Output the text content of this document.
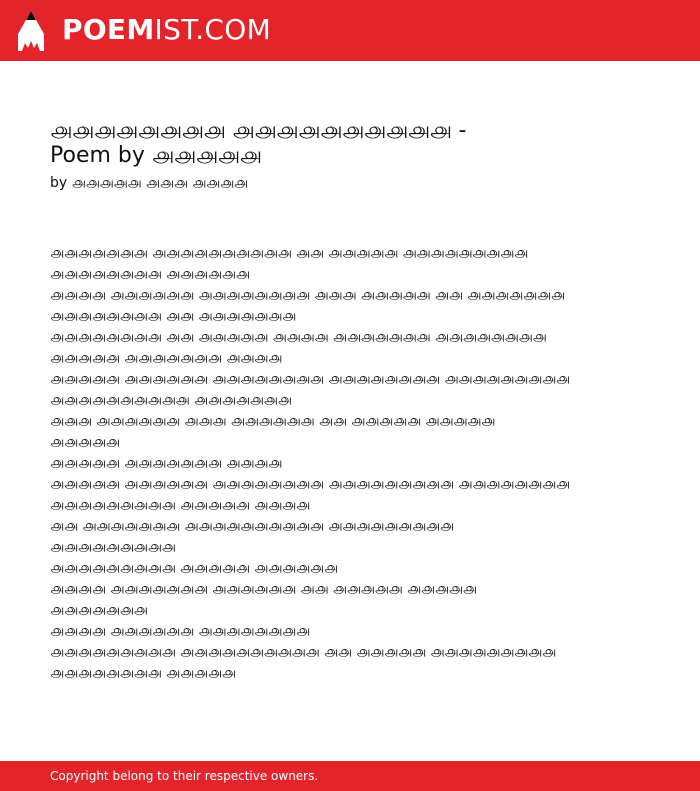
POEMIST.COM
௮௮௮௮௮௮௮௮ ௮௮௮௮௮௮௮௮௮௮ - Poem by ௮௮௮௮௮
by ௮௮௮௮௮ ௮௮௮ ௮௮௮௮
௮௮௮௮௮௮௮ ௮௮௮௮௮௮௮௮௮௮ ௮௮ ௮௮௮௮௮ ௮௮௮௮௮௮௮௮௮
௮௮௮௮௮௮௮௮ ௮௮௮௮௮௮
௮௮௮௮ ௮௮௮௮௮௮ ௮௮௮௮௮௮௮௮ ௮௮௮ ௮௮௮௮௮ ௮௮ ௮௮௮௮௮௮௮
௮௮௮௮௮௮௮௮ ௮௮ ௮௮௮௮௮௮௮
௮௮௮௮௮௮௮௮ ௮௮ ௮௮௮௮௮ ௮௮௮௮ ௮௮௮௮௮௮௮ ௮௮௮௮௮௮௮௮
௮௮௮௮௮ ௮௮௮௮௮௮௮ ௮௮௮௮
௮௮௮௮௮ ௮௮௮௮௮௮ ௮௮௮௮௮௮௮௮ ௮௮௮௮௮௮௮௮ ௮௮௮௮௮௮௮௮௮
௮௮௮௮௮௮௮௮௮௮ ௮௮௮௮௮௮௮
௮௮௮ ௮௮௮௮௮௮ ௮௮௮ ௮௮௮௮௮௮ ௮௮ ௮௮௮௮௮ ௮௮௮௮௮
௮௮௮௮௮
௮௮௮௮௮ ௮௮௮௮௮௮௮ ௮௮௮௮
௮௮௮௮௮ ௮௮௮௮௮௮ ௮௮௮௮௮௮௮௮ ௮௮௮௮௮௮௮௮௮ ௮௮௮௮௮௮௮௮
௮௮௮௮௮௮௮௮௮ ௮௮௮௮௮ ௮௮௮௮
௮௮ ௮௮௮௮௮௮௮ ௮௮௮௮௮௮௮௮௮௮ ௮௮௮௮௮௮௮௮௮
௮௮௮௮௮௮௮௮௮
௮௮௮௮௮௮௮௮௮ ௮௮௮௮௮ ௮௮௮௮௮௮
௮௮௮௮ ௮௮௮௮௮௮௮ ௮௮௮௮௮௮ ௮௮ ௮௮௮௮௮ ௮௮௮௮௮
௮௮௮௮௮௮௮
௮௮௮௮ ௮௮௮௮௮௮ ௮௮௮௮௮௮௮௮
௮௮௮௮௮௮௮௮௮ ௮௮௮௮௮௮௮௮௮௮ ௮௮ ௮௮௮௮௮ ௮௮௮௮௮௮௮௮௮
௮௮௮௮௮௮௮௮ ௮௮௮௮௮
Copyright belong to their respective owners.
